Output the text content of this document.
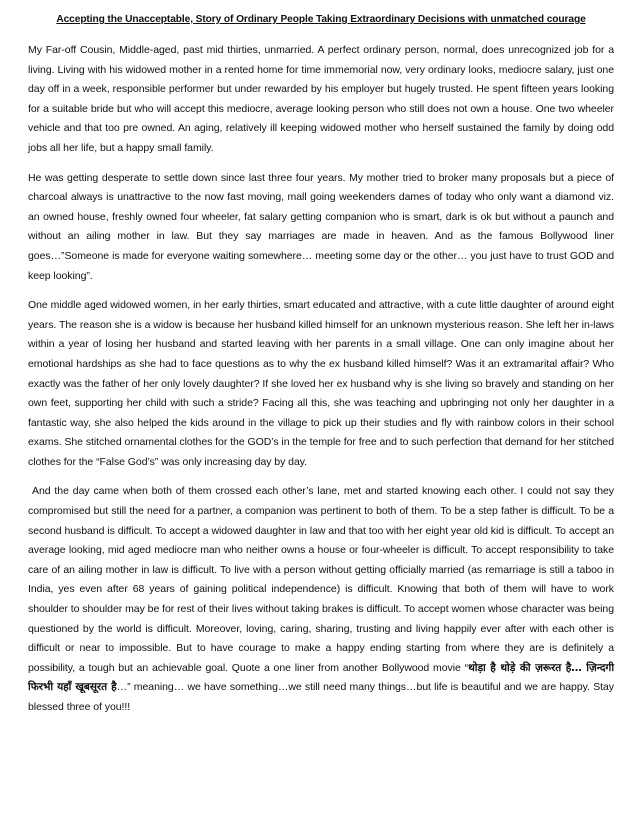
Accepting the Unacceptable, Story of Ordinary People Taking Extraordinary Decisions with unmatched courage

My Far-off Cousin, Middle-aged, past mid thirties, unmarried. A perfect ordinary person, normal, does unrecognized job for a living. Living with his widowed mother in a rented home for time immemorial now, very ordinary looks, mediocre salary, just one day off in a week, responsible performer but under rewarded by his employer but hugely trusted. He spent fifteen years looking for a suitable bride but who will accept this mediocre, average looking person who still does not own a house. One two wheeler vehicle and that too pre owned. An aging, relatively ill keeping widowed mother who herself sustained the family by doing odd jobs all her life, but a happy small family.

He was getting desperate to settle down since last three four years. My mother tried to broker many proposals but a piece of charcoal always is unattractive to the now fast moving, mall going weekenders dames of today who only want a diamond viz. an owned house, freshly owned four wheeler, fat salary getting companion who is smart, dark is ok but without a paunch and without an ailing mother in law. But they say marriages are made in heaven. And as the famous Bollywood liner goes…”Someone is made for everyone waiting somewhere… meeting some day or the other… you just have to trust GOD and keep looking”.

One middle aged widowed women, in her early thirties, smart educated and attractive, with a cute little daughter of around eight years. The reason she is a widow is because her husband killed himself for an unknown mysterious reason. She left her in-laws within a year of losing her husband and started leaving with her parents in a small village. One can only imagine about her emotional hardships as she had to face questions as to why the ex husband killed himself? Was it an extramarital affair? Who exactly was the father of her only lovely daughter? If she loved her ex husband why is she living so bravely and standing on her own feet, supporting her child with such a stride? Facing all this, she was teaching and upbringing not only her daughter in a fantastic way, she also helped the kids around in the village to pick up their studies and fly with rainbow colors in their school exams. She stitched ornamental clothes for the GOD’s in the temple for free and to such perfection that demand for her stitched clothes for the “False God’s” was only increasing day by day.

And the day came when both of them crossed each other’s lane, met and started knowing each other. I could not say they compromised but still the need for a partner, a companion was pertinent to both of them. To be a step father is difficult. To be a second husband is difficult. To accept a widowed daughter in law and that too with her eight year old kid is difficult. To accept an average looking, mid aged mediocre man who neither owns a house or four-wheeler is difficult. To accept responsibility to take care of an ailing mother in law is difficult. To live with a person without getting officially married (as remarriage is still a taboo in India, yes even after 68 years of gaining political independence) is difficult. Knowing that both of them will have to work shoulder to shoulder may be for rest of their lives without taking brakes is difficult. To accept women whose character was being questioned by the world is difficult. Moreover, loving, caring, sharing, trusting and living happily ever after with each other is difficult or near to impossible. But to have courage to make a happy ending starting from where they are is definitely a possibility, a tough but an achievable goal. Quote a one liner from another Bollywood movie “थोड़ा है थोड़े की ज़रूरत है… ज़िन्दगी फिरभी यहाँ खूबसूरत है…” meaning… we have something…we still need many things…but life is beautiful and we are happy. Stay blessed three of you!!!
